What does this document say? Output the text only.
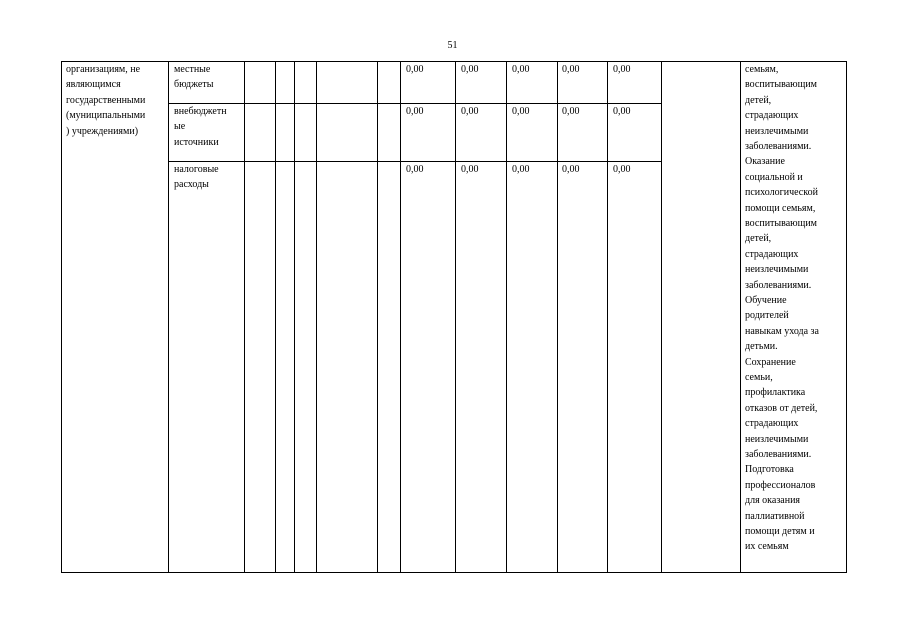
51
организациям, не
являющимся
государственными
(муниципальными
) учреждениями)
местные
бюджеты
0,00	0,00	0,00	0,00	0,00
внебюджетн
ые
источники
0,00	0,00	0,00	0,00	0,00
налоговые
расходы
0,00	0,00	0,00	0,00	0,00
семьям,
воспитывающим
детей,
страдающих
неизлечимыми
заболеваниями.
Оказание
социальной и
психологической
помощи семьям,
воспитывающим
детей,
страдающих
неизлечимыми
заболеваниями.
Обучение
родителей
навыкам ухода за
детьми.
Сохранение
семьи,
профилактика
отказов от детей,
страдающих
неизлечимыми
заболеваниями.
Подготовка
профессионалов
для оказания
паллиативной
помощи детям и
их семьям
